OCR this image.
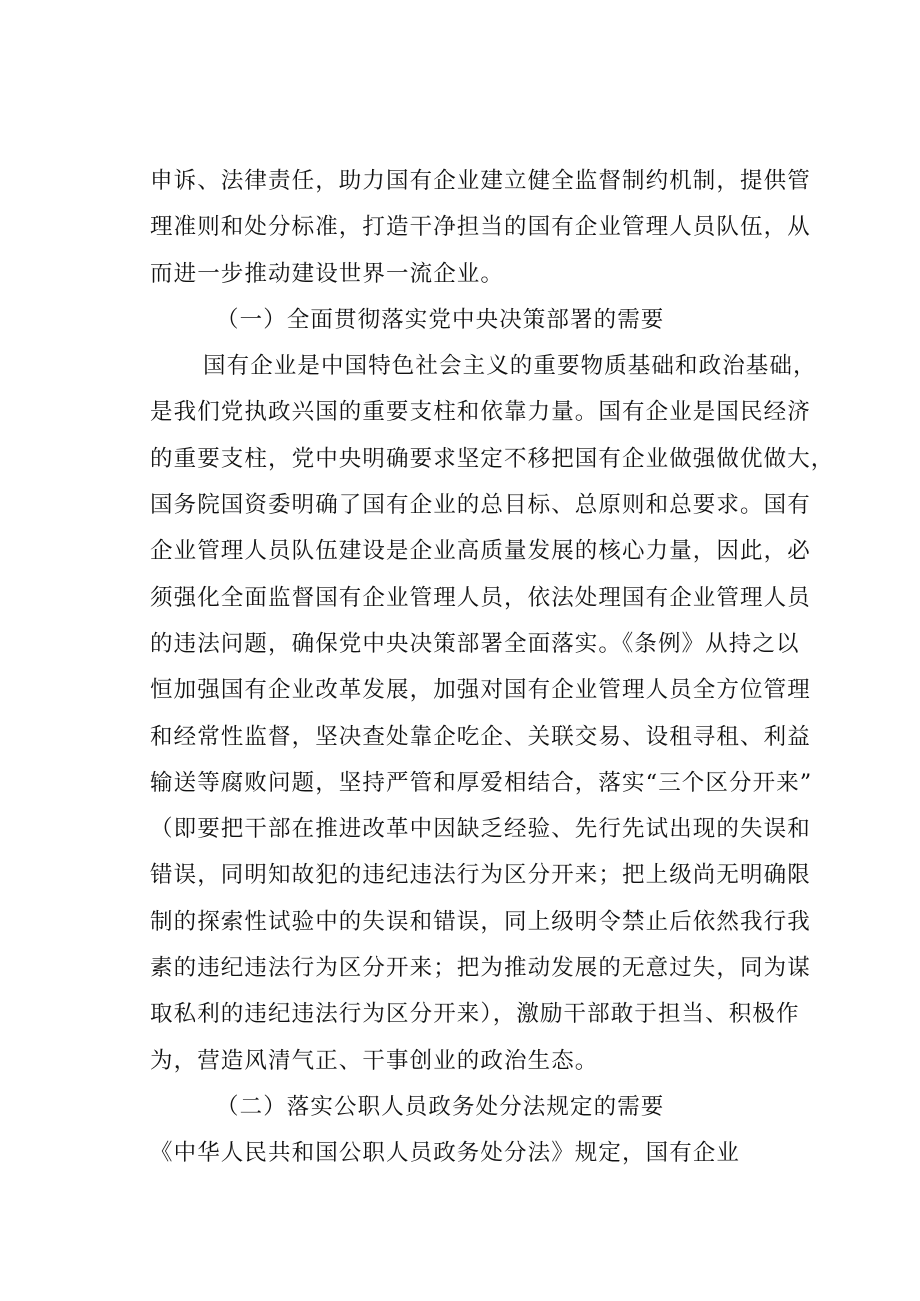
申诉、法律责任，助力国有企业建立健全监督制约机制，提供管
理准则和处分标准，打造干净担当的国有企业管理人员队伍，从
而进一步推动建设世界一流企业。
（一）全面贯彻落实党中央决策部署的需要
国有企业是中国特色社会主义的重要物质基础和政治基础，
是我们党执政兴国的重要支柱和依靠力量。国有企业是国民经济
的重要支柱，党中央明确要求坚定不移把国有企业做强做优做大，
国务院国资委明确了国有企业的总目标、总原则和总要求。国有
企业管理人员队伍建设是企业高质量发展的核心力量，因此，必
须强化全面监督国有企业管理人员，依法处理国有企业管理人员
的违法问题，确保党中央决策部署全面落实。《条例》从持之以
恒加强国有企业改革发展，加强对国有企业管理人员全方位管理
和经常性监督，坚决查处靠企吃企、关联交易、设租寻租、利益
输送等腐败问题，坚持严管和厚爱相结合，落实“三个区分开来”
（即要把干部在推进改革中因缺乏经验、先行先试出现的失误和
错误，同明知故犯的违纪违法行为区分开来；把上级尚无明确限
制的探索性试验中的失误和错误，同上级明令禁止后依然我行我
素的违纪违法行为区分开来；把为推动发展的无意过失，同为谋
取私利的违纪违法行为区分开来），激励干部敢于担当、积极作
为，营造风清气正、干事创业的政治生态。
（二）落实公职人员政务处分法规定的需要
《中华人民共和国公职人员政务处分法》规定，国有企业
